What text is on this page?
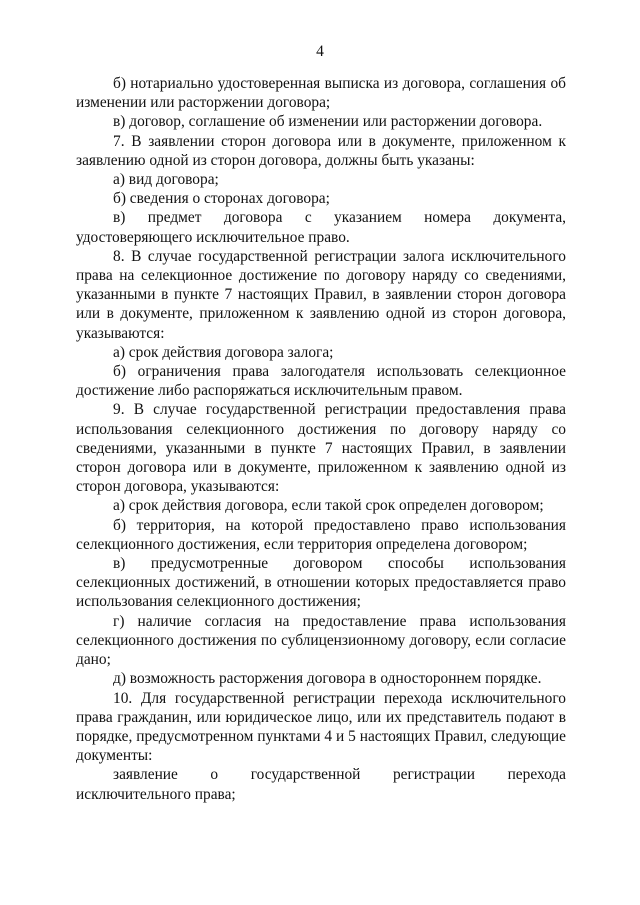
4

б) нотариально удостоверенная выписка из договора, соглашения об изменении или расторжении договора;

в) договор, соглашение об изменении или расторжении договора.

7. В заявлении сторон договора или в документе, приложенном к заявлению одной из сторон договора, должны быть указаны:

а) вид договора;

б) сведения о сторонах договора;

в) предмет договора с указанием номера документа, удостоверяющего исключительное право.

8. В случае государственной регистрации залога исключительного права на селекционное достижение по договору наряду со сведениями, указанными в пункте 7 настоящих Правил, в заявлении сторон договора или в документе, приложенном к заявлению одной из сторон договора, указываются:

а) срок действия договора залога;

б) ограничения права залогодателя использовать селекционное достижение либо распоряжаться исключительным правом.

9. В случае государственной регистрации предоставления права использования селекционного достижения по договору наряду со сведениями, указанными в пункте 7 настоящих Правил, в заявлении сторон договора или в документе, приложенном к заявлению одной из сторон договора, указываются:

а) срок действия договора, если такой срок определен договором;

б) территория, на которой предоставлено право использования селекционного достижения, если территория определена договором;

в) предусмотренные договором способы использования селекционных достижений, в отношении которых предоставляется право использования селекционного достижения;

г) наличие согласия на предоставление права использования селекционного достижения по сублицензионному договору, если согласие дано;

д) возможность расторжения договора в одностороннем порядке.

10. Для государственной регистрации перехода исключительного права гражданин, или юридическое лицо, или их представитель подают в порядке, предусмотренном пунктами 4 и 5 настоящих Правил, следующие документы:

заявление о государственной регистрации перехода исключительного права;
